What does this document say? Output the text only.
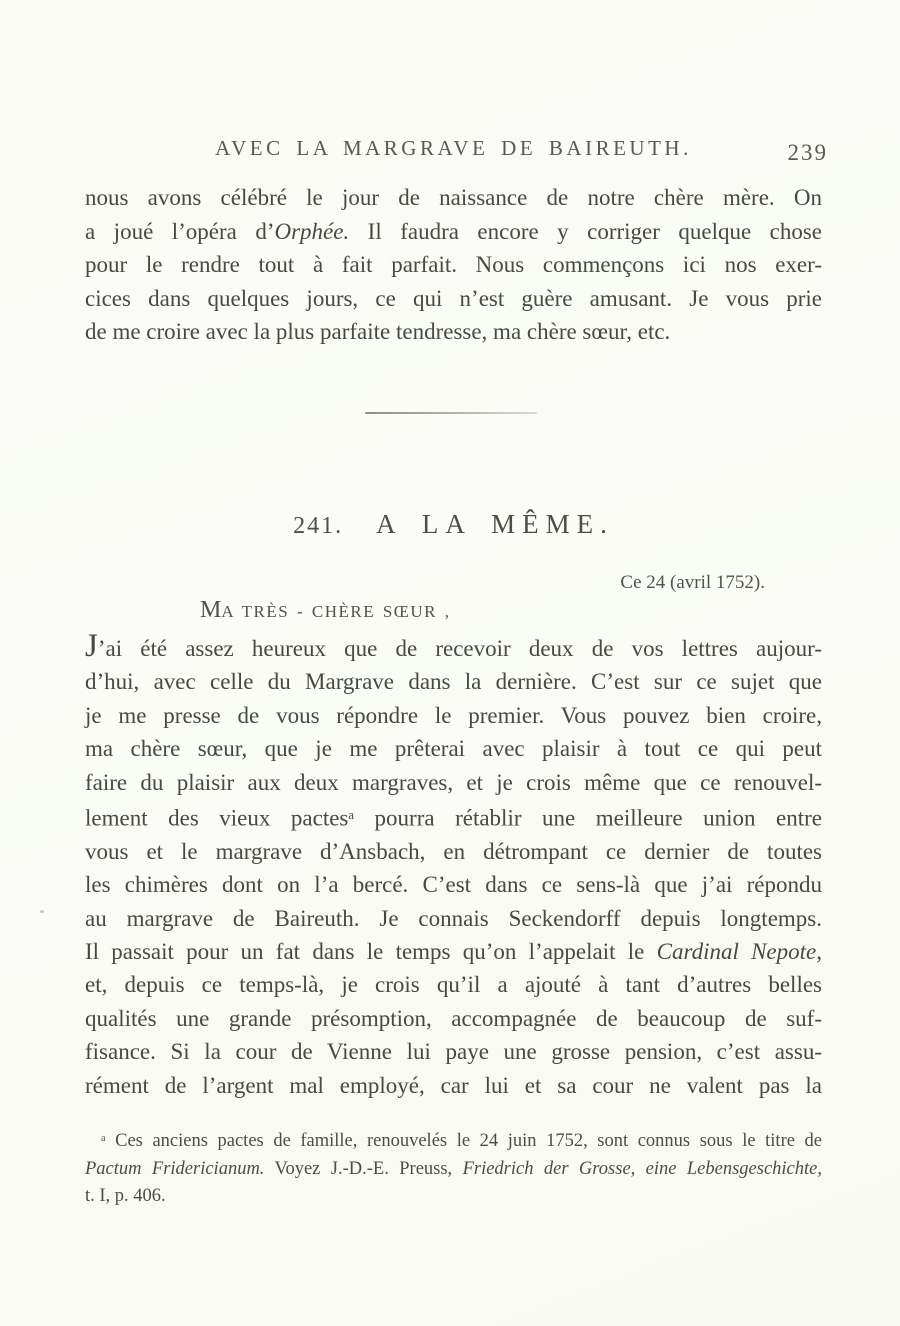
AVEC LA MARGRAVE DE BAIREUTH.	239
nous avons célébré le jour de naissance de notre chère mère. On
a joué l’opéra d’Orphée. Il faudra encore y corriger quelque chose
pour le rendre tout à fait parfait. Nous commençons ici nos exer-
cices dans quelques jours, ce qui n’est guère amusant. Je vous prie
de me croire avec la plus parfaite tendresse, ma chère sœur, etc.
241. A LA MÊME.
Ce 24 (avril 1752).
MA TRÈS - CHÈRE SŒUR ,
J’ai été assez heureux que de recevoir deux de vos lettres aujour-
d’hui, avec celle du Margrave dans la dernière. C’est sur ce sujet que
je me presse de vous répondre le premier. Vous pouvez bien croire,
ma chère sœur, que je me prêterai avec plaisir à tout ce qui peut
faire du plaisir aux deux margraves, et je crois même que ce renouvel-
lement des vieux pactes$^a$ pourra rétablir une meilleure union entre
vous et le margrave d’Ansbach, en détrompant ce dernier de toutes
les chimères dont on l’a bercé. C’est dans ce sens-là que j’ai répondu
au margrave de Baireuth. Je connais Seckendorff depuis longtemps.
Il passait pour un fat dans le temps qu’on l’appelait le Cardinal Nepote,
et, depuis ce temps-là, je crois qu’il a ajouté à tant d’autres belles
qualités une grande présomption, accompagnée de beaucoup de suf-
fisance. Si la cour de Vienne lui paye une grosse pension, c’est assu-
rément de l’argent mal employé, car lui et sa cour ne valent pas la
$^a$ Ces anciens pactes de famille, renouvelés le 24 juin 1752, sont connus sous le titre de
Pactum Fridericianum. Voyez J.-D.-E. Preuss, Friedrich der Grosse, eine Lebensgeschichte,
t. I, p. 406.
